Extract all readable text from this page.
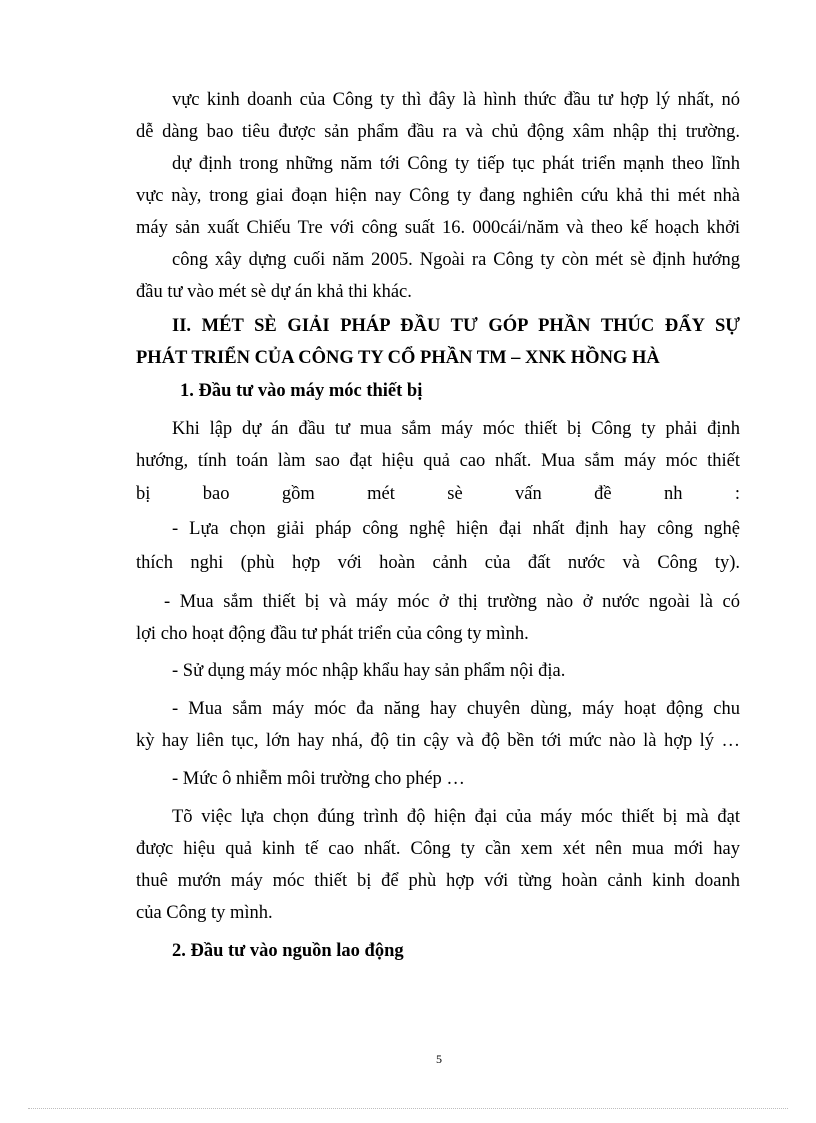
vực kinh doanh của Công ty thì đây là hình thức đầu tư hợp lý nhất, nó
dễ dàng bao tiêu được sản phẩm đầu ra và chủ động xâm nhập thị trường.
dự định trong những năm tới Công ty tiếp tục phát triển mạnh theo lĩnh
vực này, trong giai đoạn hiện nay Công ty đang nghiên cứu khả thi mét nhà
máy sản xuất Chiếu Tre với công suất 16. 000cái/năm và theo kế hoạch khởi
công xây dựng cuối năm 2005. Ngoài ra Công ty còn mét sè định hướng
đầu tư vào mét sè dự án khả thi khác.
II. MÉT SÈ GIẢI PHÁP ĐẦU TƯ GÓP PHẦN THÚC ĐẨY SỰ
PHÁT TRIỂN CỦA CÔNG TY CỔ PHẦN TM – XNK HỒNG HÀ
1. Đầu tư vào máy móc thiết bị
Khi lập dự án đầu tư mua sắm máy móc thiết bị Công ty phải định
hướng, tính toán làm sao đạt hiệu quả cao nhất. Mua sắm máy móc thiết
bị bao gồm mét sè vấn đề nh :
- Lựa chọn giải pháp công nghệ hiện đại nhất định hay công nghệ
thích nghi (phù hợp với hoàn cảnh của đất nước và Công ty).
- Mua sắm thiết bị và máy móc ở thị trường nào ở nước ngoài là có
lợi cho hoạt động đầu tư phát triển của công ty mình.
- Sử dụng máy móc nhập khẩu hay sản phẩm nội địa.
- Mua sắm máy móc đa năng hay chuyên dùng, máy hoạt động chu
kỳ hay liên tục, lớn hay nhá, độ tin cậy và độ bền tới mức nào là hợp lý …
- Mức ô nhiễm môi trường cho phép …
Tõ việc lựa chọn đúng trình độ hiện đại của máy móc thiết bị mà đạt
được hiệu quả kinh tế cao nhất. Công ty cần xem xét nên mua mới hay
thuê mướn máy móc thiết bị để phù hợp với từng hoàn cảnh kinh doanh
của Công ty mình.
2. Đầu tư vào nguồn lao động
5
